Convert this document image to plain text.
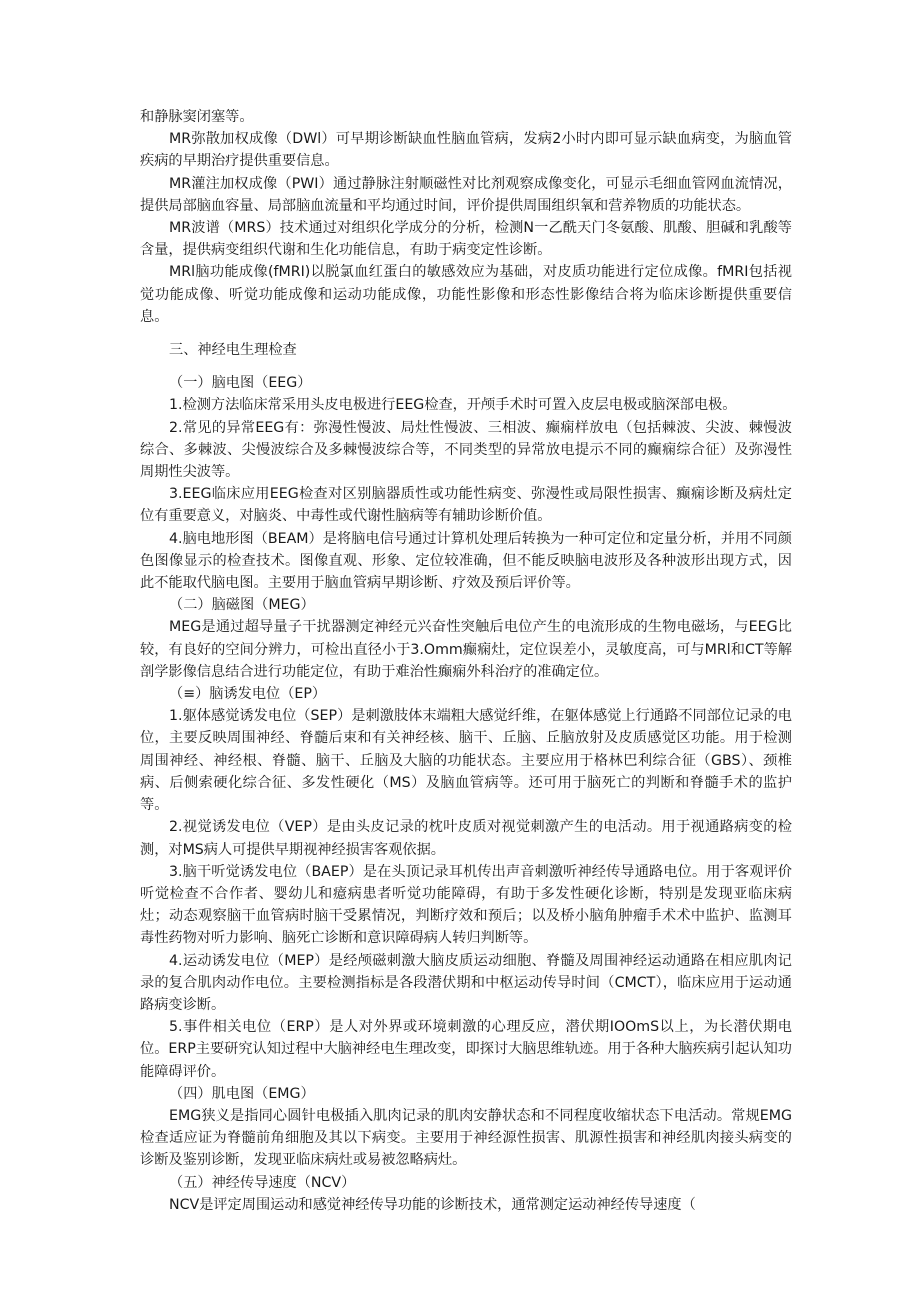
和静脉窦闭塞等。

MR弥散加权成像（DWl）可早期诊断缺血性脑血管病，发病2小时内即可显示缺血病变，为脑血管疾病的早期治疗提供重要信息。

MR灌注加权成像（PWI）通过静脉注射顺磁性对比剂观察成像变化，可显示毛细血管网血流情况，提供局部脑血容量、局部脑血流量和平均通过时间，评价提供周围组织氧和营养物质的功能状态。

MR波谱（MRS）技术通过对组织化学成分的分析，检测N一乙酰天门冬氨酸、肌酸、胆碱和乳酸等含量，提供病变组织代谢和生化功能信息，有助于病变定性诊断。

MRl脑功能成像(fMRI)以脱氯血红蛋白的敏感效应为基础，对皮质功能进行定位成像。fMRI包括视觉功能成像、听觉功能成像和运动功能成像，功能性影像和形态性影像结合将为临床诊断提供重要信息。

三、神经电生理检查

（一）脑电图（EEG）

1.检测方法临床常采用头皮电极进行EEG检查，开颅手术时可置入皮层电极或脑深部电极。

2.常见的异常EEG有：弥漫性慢波、局灶性慢波、三相波、癫痫样放电（包括棘波、尖波、棘慢波综合、多棘波、尖慢波综合及多棘慢波综合等，不同类型的异常放电提示不同的癫痫综合征）及弥漫性周期性尖波等。

3.EEG临床应用EEG检查对区别脑器质性或功能性病变、弥漫性或局限性损害、癫痫诊断及病灶定位有重要意义，对脑炎、中毒性或代谢性脑病等有辅助诊断价值。

4.脑电地形图（BEAM）是将脑电信号通过计算机处理后转换为一种可定位和定量分析，并用不同颜色图像显示的检查技术。图像直观、形象、定位较准确，但不能反映脑电波形及各种波形出现方式，因此不能取代脑电图。主要用于脑血管病早期诊断、疗效及预后评价等。

（二）脑磁图（MEG）

MEG是通过超导量子干扰器测定神经元兴奋性突触后电位产生的电流形成的生物电磁场，与EEG比较，有良好的空间分辨力，可检出直径小于3.Omm癫痫灶，定位误差小，灵敏度高，可与MRl和CT等解剖学影像信息结合进行功能定位，有助于难治性癫痫外科治疗的准确定位。

（≡）脑诱发电位（EP）

1.躯体感觉诱发电位（SEP）是刺激肢体末端粗大感觉纤维，在躯体感觉上行通路不同部位记录的电位，主要反映周围神经、脊髓后束和有关神经核、脑干、丘脑、丘脑放射及皮质感觉区功能。用于检测周围神经、神经根、脊髓、脑干、丘脑及大脑的功能状态。主要应用于格林巴利综合征（GBS）、颈椎病、后侧索硬化综合征、多发性硬化（MS）及脑血管病等。还可用于脑死亡的判断和脊髓手术的监护等。

2.视觉诱发电位（VEP）是由头皮记录的枕叶皮质对视觉刺激产生的电活动。用于视通路病变的检测，对MS病人可提供早期视神经损害客观依据。

3.脑干听觉诱发电位（BAEP）是在头顶记录耳机传出声音刺激听神经传导通路电位。用于客观评价听觉检查不合作者、婴幼儿和癔病患者听觉功能障碍，有助于多发性硬化诊断，特别是发现亚临床病灶；动态观察脑干血管病时脑干受累情况，判断疗效和预后；以及桥小脑角肿瘤手术术中监护、监测耳毒性药物对听力影响、脑死亡诊断和意识障碍病人转归判断等。

4.运动诱发电位（MEP）是经颅磁刺激大脑皮质运动细胞、脊髓及周围神经运动通路在相应肌肉记录的复合肌肉动作电位。主要检测指标是各段潜伏期和中枢运动传导时间（CMCT），临床应用于运动通路病变诊断。

5.事件相关电位（ERP）是人对外界或环境刺激的心理反应，潜伏期IOOmS以上，为长潜伏期电位。ERP主要研究认知过程中大脑神经电生理改变，即探讨大脑思维轨迹。用于各种大脑疾病引起认知功能障碍评价。

（四）肌电图（EMG）

EMG狭义是指同心圆针电极插入肌肉记录的肌肉安静状态和不同程度收缩状态下电活动。常规EMG检查适应证为脊髓前角细胞及其以下病变。主要用于神经源性损害、肌源性损害和神经肌肉接头病变的诊断及鉴别诊断，发现亚临床病灶或易被忽略病灶。

（五）神经传导速度（NCV）

NCV是评定周围运动和感觉神经传导功能的诊断技术，通常测定运动神经传导速度（
